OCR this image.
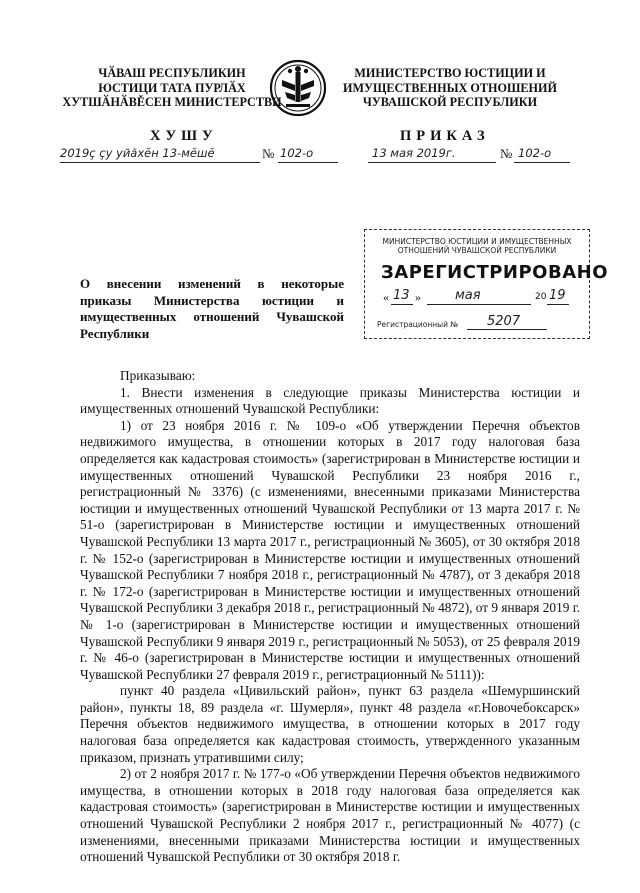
ЧӐВАШ РЕСПУБЛИКИН
ЮСТИЦИ ТАТА ПУРЛӐХ
ХУТШӐНӐВĚСЕН МИНИСТЕРСТВИ
МИНИСТЕРСТВО ЮСТИЦИИ И
ИМУЩЕСТВЕННЫХ ОТНОШЕНИЙ
ЧУВАШСКОЙ РЕСПУБЛИКИ
ХУШУ	ПРИКАЗ
2019ç çу уйӑхĕн 13-мӗшӗ	№ 102-о	13 мая 2019г.	№ 102-о
МИНИСТЕРСТВО ЮСТИЦИИ И ИМУЩЕСТВЕННЫХ
ОТНОШЕНИЙ ЧУВАШСКОЙ РЕСПУБЛИКИ
ЗАРЕГИСТРИРОВАНО
« 13 »	мая	20 19
Регистрационный № 5207
О внесении изменений в некоторые приказы Министерства юстиции и имущественных отношений Чувашской Республики

Приказываю:

1. Внести изменения в следующие приказы Министерства юстиции и имущественных отношений Чувашской Республики:

1) от 23 ноября 2016 г. № 109-о «Об утверждении Перечня объектов недвижимого имущества, в отношении которых в 2017 году налоговая база определяется как кадастровая стоимость» (зарегистрирован в Министерстве юстиции и имущественных отношений Чувашской Республики 23 ноября 2016 г., регистрационный № 3376) (с изменениями, внесенными приказами Министерства юстиции и имущественных отношений Чувашской Республики от 13 марта 2017 г. № 51-о (зарегистрирован в Министерстве юстиции и имущественных отношений Чувашской Республики 13 марта 2017 г., регистрационный № 3605), от 30 октября 2018 г. № 152-о (зарегистрирован в Министерстве юстиции и имущественных отношений Чувашской Республики 7 ноября 2018 г., регистрационный № 4787), от 3 декабря 2018 г. № 172-о (зарегистрирован в Министерстве юстиции и имущественных отношений Чувашской Республики 3 декабря 2018 г., регистрационный № 4872), от 9 января 2019 г. № 1-о (зарегистрирован в Министерстве юстиции и имущественных отношений Чувашской Республики 9 января 2019 г., регистрационный № 5053), от 25 февраля 2019 г. № 46-о (зарегистрирован в Министерстве юстиции и имущественных отношений Чувашской Республики 27 февраля 2019 г., регистрационный № 5111)):

пункт 40 раздела «Цивильский район», пункт 63 раздела «Шемуршинский район», пункты 18, 89 раздела «г. Шумерля», пункт 48 раздела «г.Новочебоксарск» Перечня объектов недвижимого имущества, в отношении которых в 2017 году налоговая база определяется как кадастровая стоимость, утвержденного указанным приказом, признать утратившими силу;

2) от 2 ноября 2017 г. № 177-о «Об утверждении Перечня объектов недвижимого имущества, в отношении которых в 2018 году налоговая база определяется как кадастровая стоимость» (зарегистрирован в Министерстве юстиции и имущественных отношений Чувашской Республики 2 ноября 2017 г., регистрационный № 4077) (с изменениями, внесенными приказами Министерства юстиции и имущественных отношений Чувашской Республики от 30 октября 2018 г.
